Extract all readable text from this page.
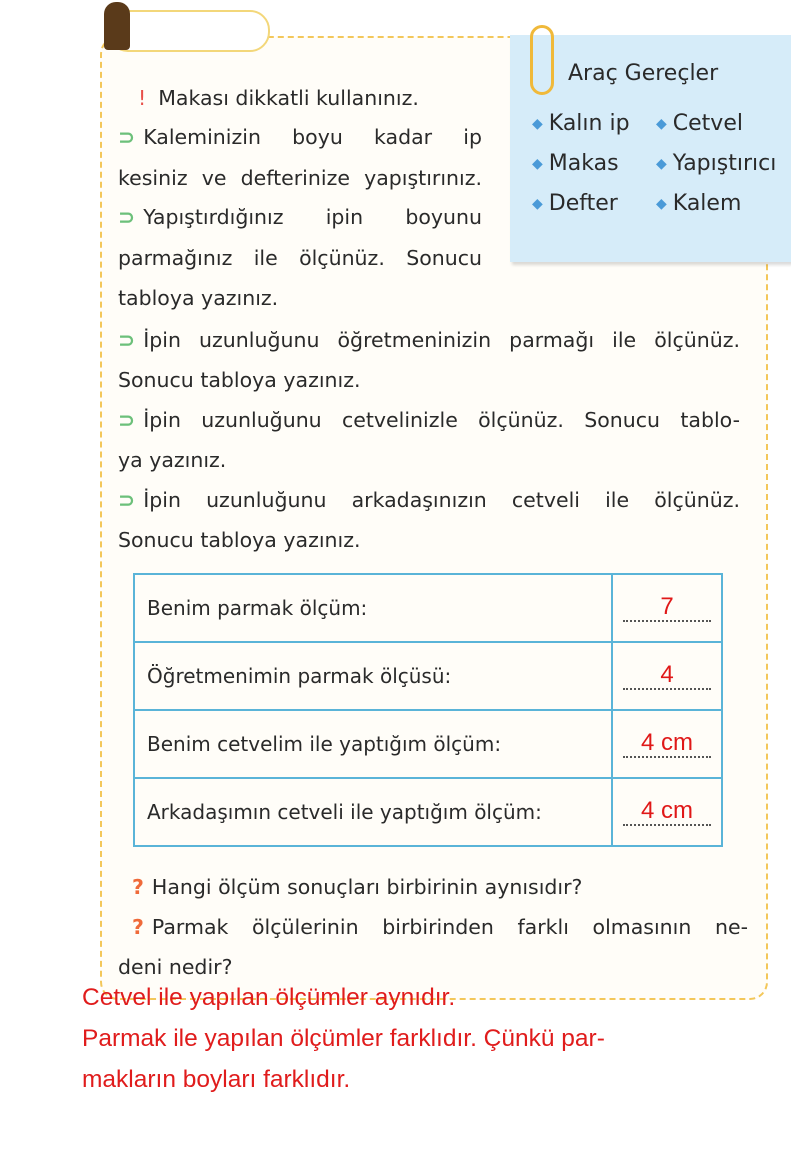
Araç Gereçler
◆ Kalın ip ◆ Cetvel
◆ Makas	◆ Yapıştırıcı
◆ Defter	◆ Kalem
! Makası dikkatli kullanınız.
⊃ Kaleminizin boyu kadar ip
kesiniz ve defterinize yapıştırınız.
⊃ Yapıştırdığınız ipin boyunu
parmağınız ile ölçünüz. Sonucu
tabloya yazınız.
⊃ İpin uzunluğunu öğretmeninizin parmağı ile ölçünüz.
Sonucu tabloya yazınız.
⊃ İpin uzunluğunu cetvelinizle ölçünüz. Sonucu tablo-
ya yazınız.
⊃ İpin uzunluğunu arkadaşınızın cetveli ile ölçünüz.
Sonucu tabloya yazınız.
Benim parmak ölçüm:	7
Öğretmenimin parmak ölçüsü:	4
Benim cetvelim ile yaptığım ölçüm:	4 cm
Arkadaşımın cetveli ile yaptığım ölçüm:	4 cm
? Hangi ölçüm sonuçları birbirinin aynısıdır?
? Parmak ölçülerinin birbirinden farklı olmasının ne-
deni nedir?
Cetvel ile yapılan ölçümler aynıdır.
Parmak ile yapılan ölçümler farklıdır. Çünkü par-
makların boyları farklıdır.
